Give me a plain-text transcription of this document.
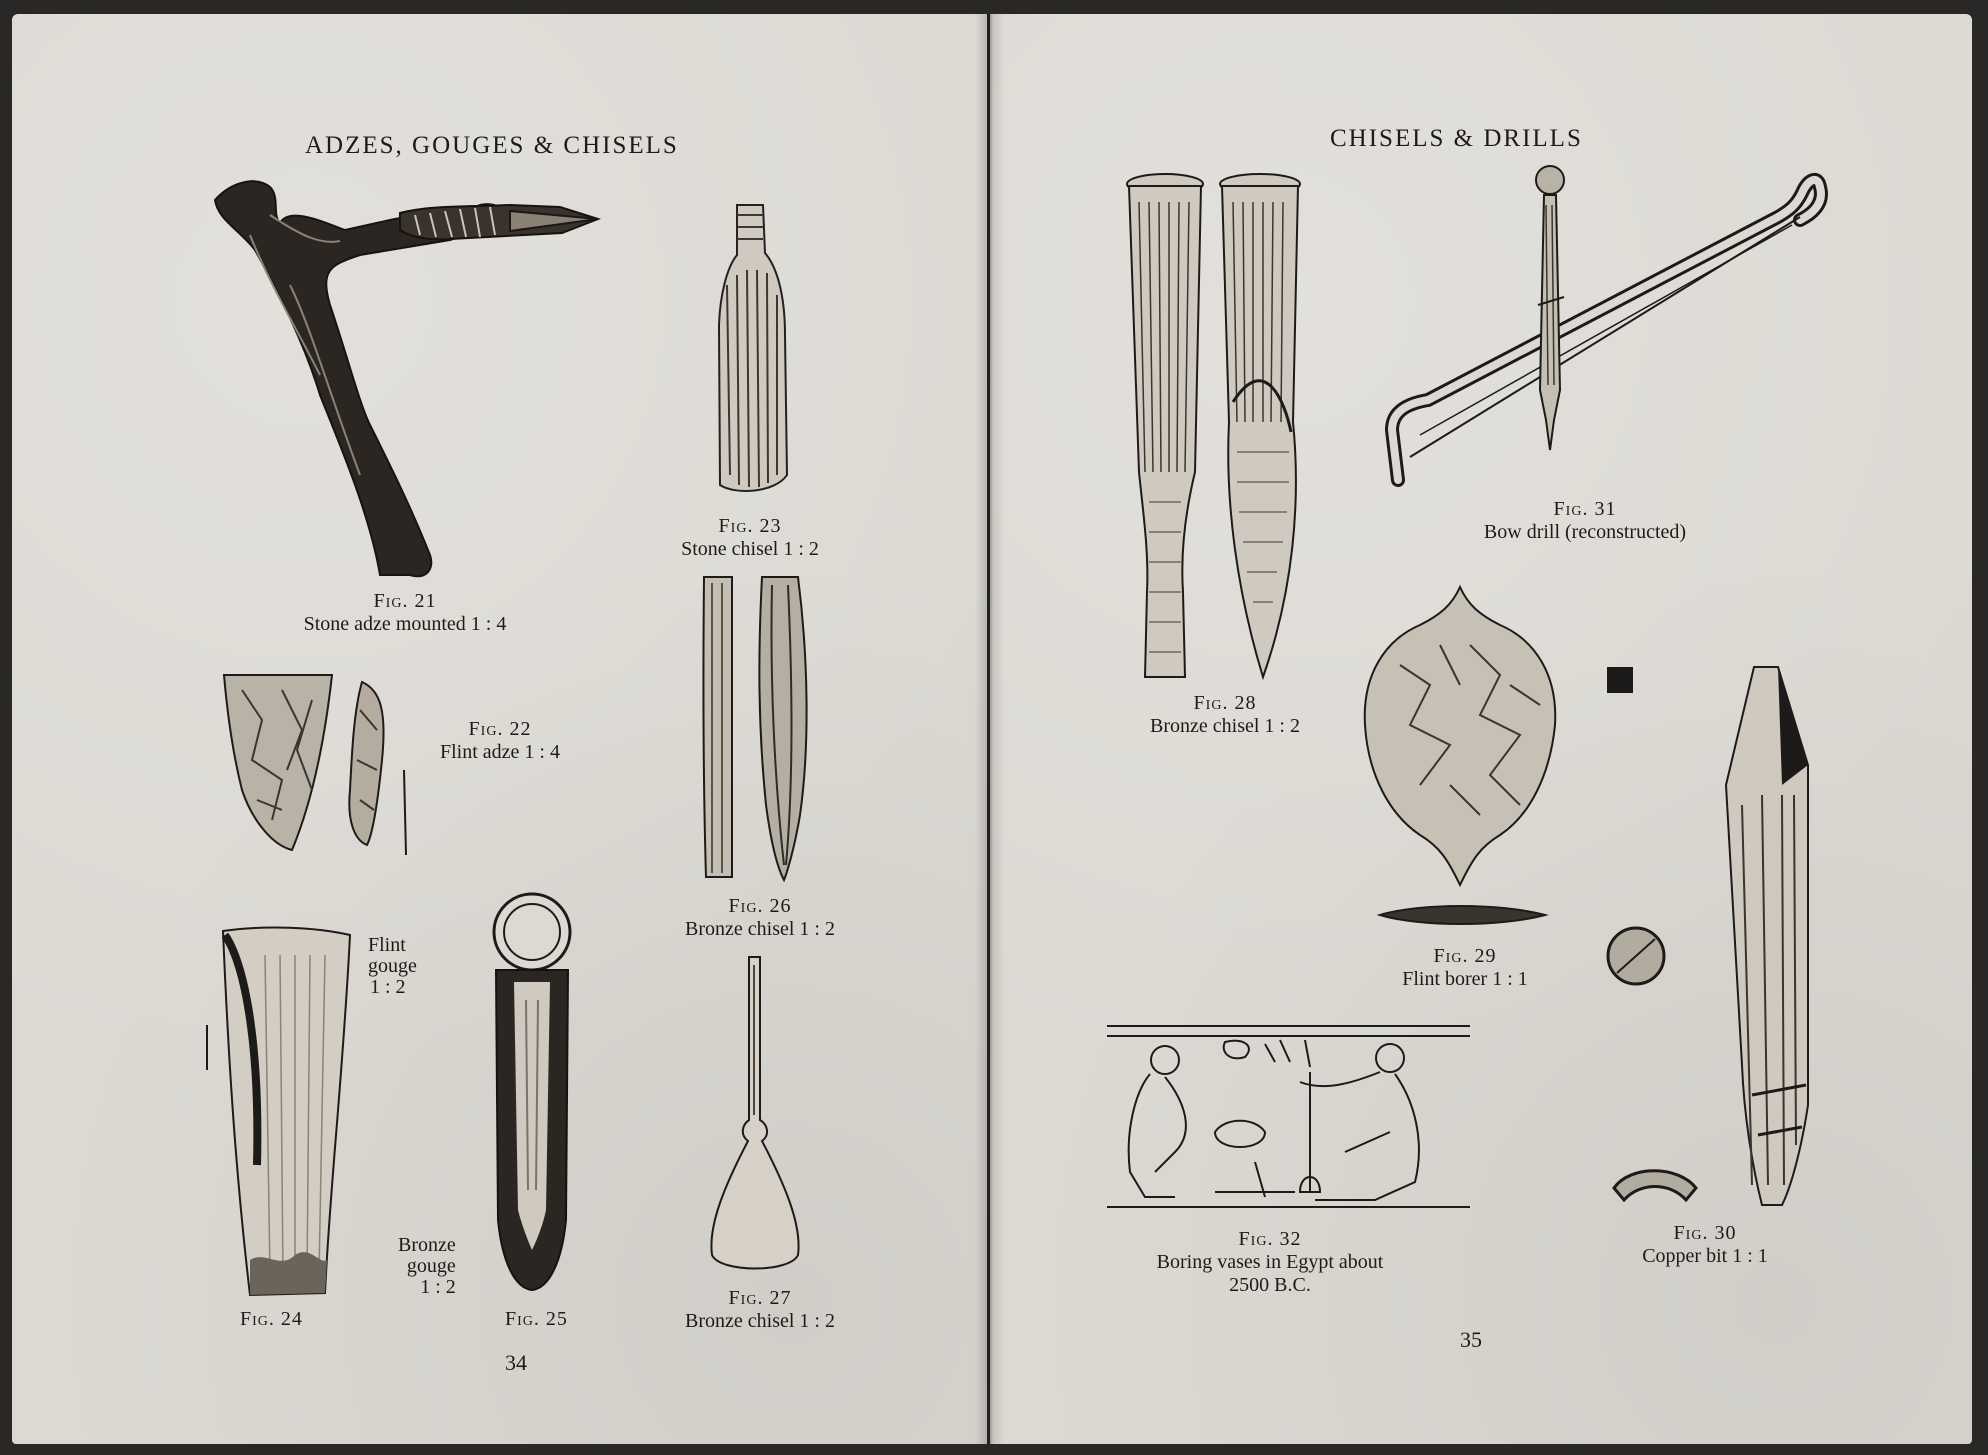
ADZES, GOUGES & CHISELS
Fig. 21
Stone adze mounted 1 : 4
Fig. 23
Stone chisel 1 : 2
Fig. 22
Flint adze 1 : 4
Fig. 26
Bronze chisel 1 : 2
Flint
gouge
1 : 2
Fig. 24
Bronze
gouge
1 : 2
Fig. 25
Fig. 27
Bronze chisel 1 : 2
34
CHISELS & DRILLS
Fig. 28
Bronze chisel 1 : 2
Fig. 31
Bow drill (reconstructed)
Fig. 29
Flint borer 1 : 1
Fig. 30
Copper bit 1 : 1
Fig. 32
Boring vases in Egypt about
2500 B.C.
35
